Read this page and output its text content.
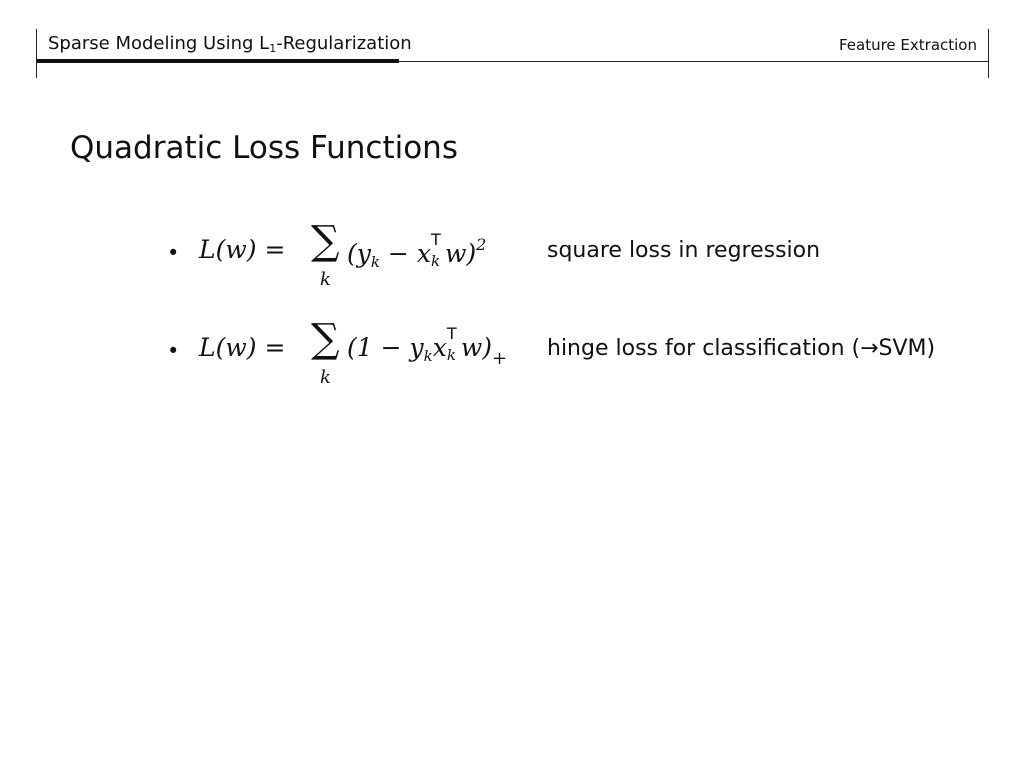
Sparse Modeling Using $L_1$-Regularization	Feature Extraction
Quadratic Loss Functions
• L(w) = ∑
k
($y_k - x$ T
k w)$^2$	square loss in regression
• L(w) = ∑
k
($1 - y_kx$ T
k $w)_+$ hinge loss for classification (→SVM)
